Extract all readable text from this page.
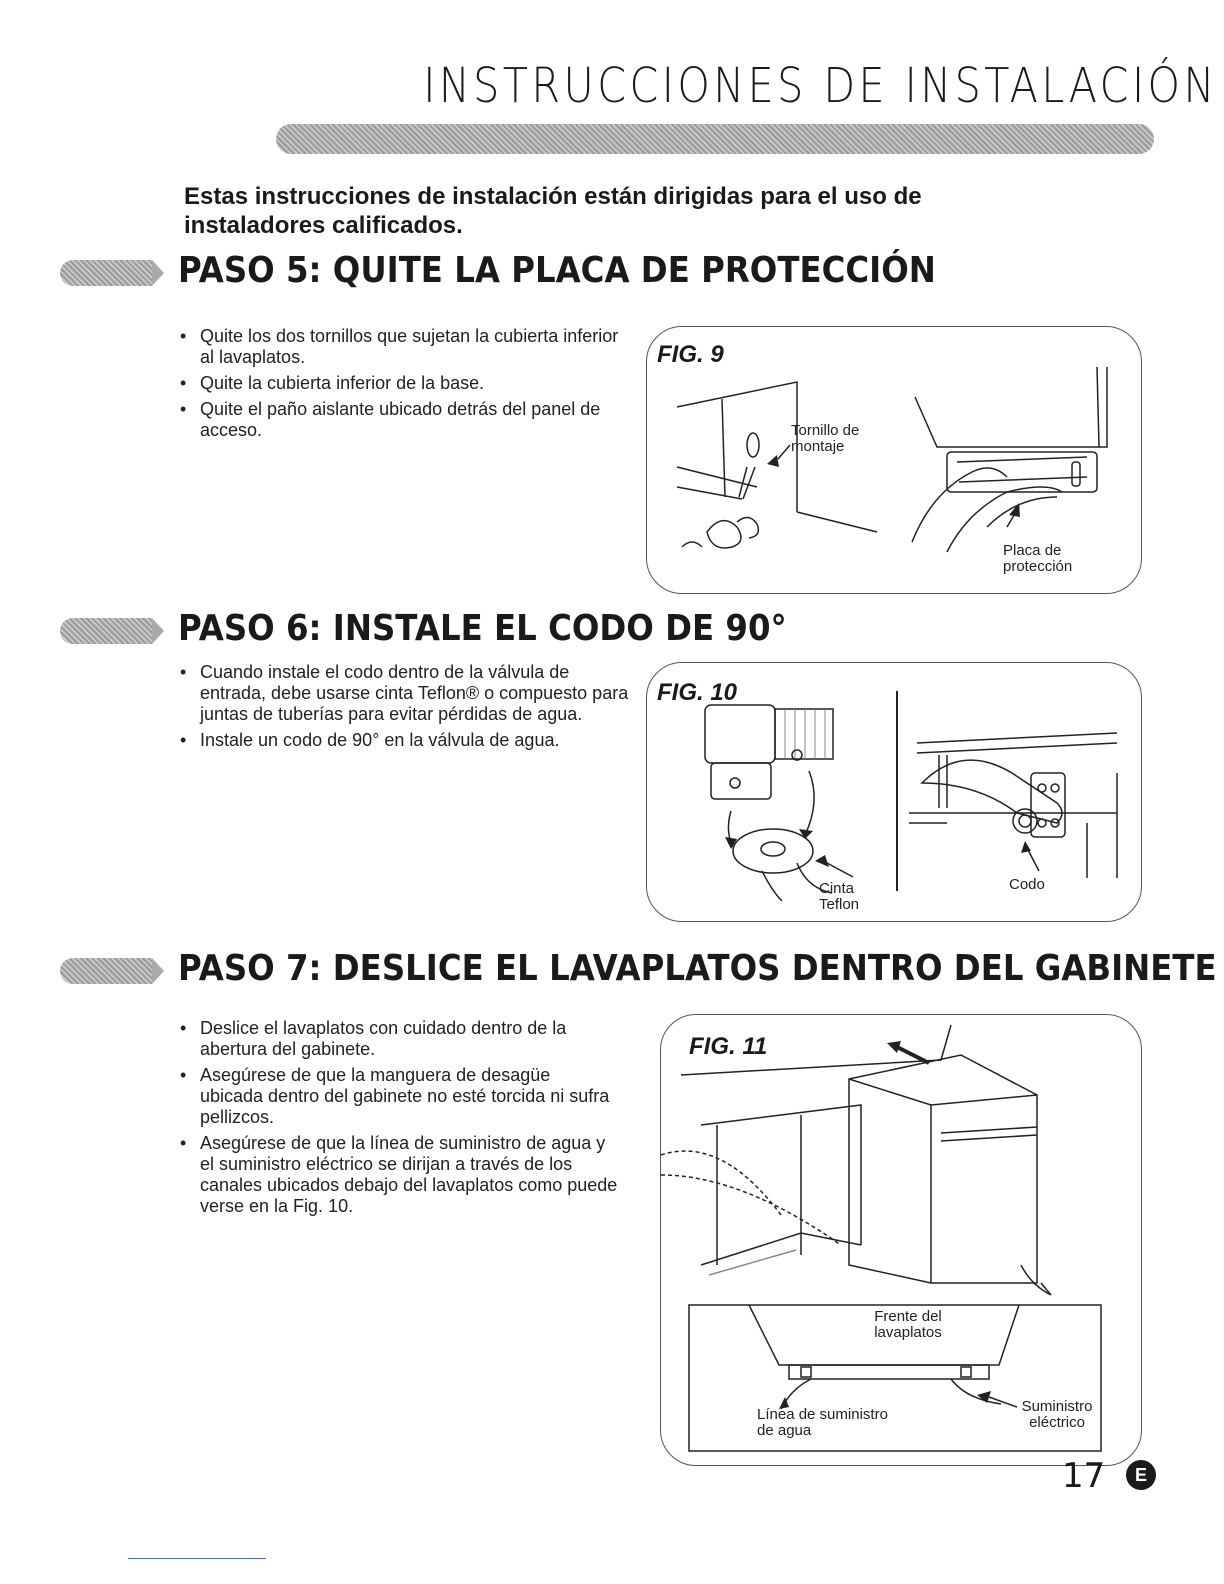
INSTRUCCIONES DE INSTALACIÓN
Estas instrucciones de instalación están dirigidas para el uso de instaladores calificados.
PASO 5: QUITE LA PLACA DE PROTECCIÓN
• Quite los dos tornillos que sujetan la cubierta inferior al lavaplatos.
• Quite la cubierta inferior de la base.
• Quite el paño aislante ubicado detrás del panel de acceso.
FIG. 9
Tornillo de montaje
Placa de protección
PASO 6: INSTALE EL CODO DE 90°
• Cuando instale el codo dentro de la válvula de entrada, debe usarse cinta Teflon® o compuesto para juntas de tuberías para evitar pérdidas de agua.
• Instale un codo de 90° en la válvula de agua.
FIG. 10
Cinta Teflon
Codo
PASO 7: DESLICE EL LAVAPLATOS DENTRO DEL GABINETE
• Deslice el lavaplatos con cuidado dentro de la abertura del gabinete.
• Asegúrese de que la manguera de desagüe ubicada dentro del gabinete no esté torcida ni sufra pellizcos.
• Asegúrese de que la línea de suministro de agua y el suministro eléctrico se dirijan a través de los canales ubicados debajo del lavaplatos como puede verse en la Fig. 10.
FIG. 11
Frente del lavaplatos
Línea de suministro de agua
Suministro eléctrico
17	E
